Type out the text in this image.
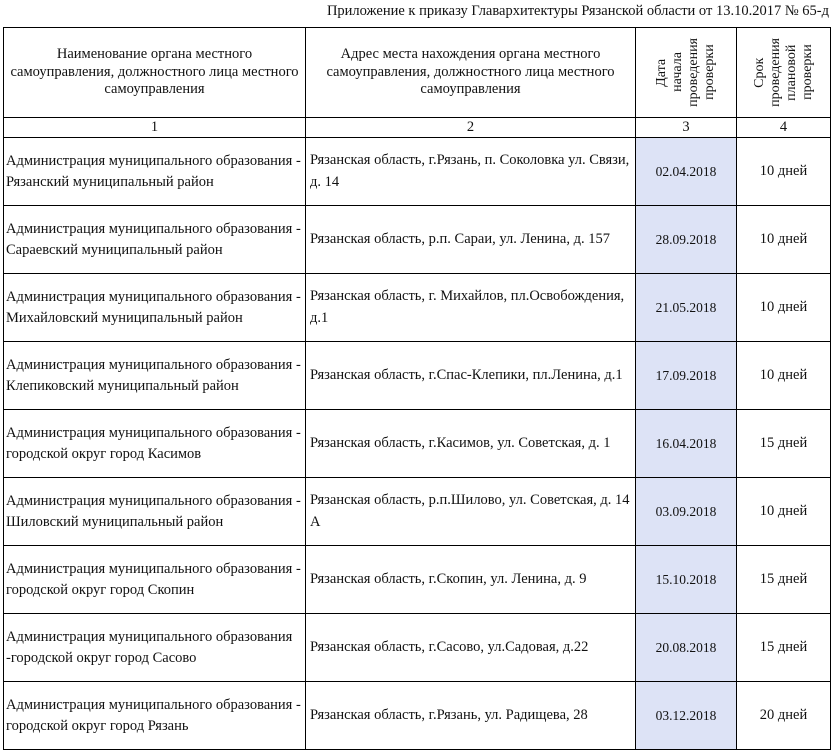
Приложение к приказу Главархитектуры Рязанской области от 13.10.2017 № 65-д
Наименование органа местного самоуправления, должностного лица местного самоуправления	Адрес места нахождения органа местного самоуправления, должностного лица местного самоуправления	Дата
начала
проведения
проверки	Срок
проведения
плановой
проверки

1	2	3	4
Администрация муниципального образования - Рязанский муниципальный район	Рязанская область, г.Рязань, п. Соколовка ул. Связи, д. 14	02.04.2018	10 дней
Администрация муниципального образования - Сараевский муниципальный район	Рязанская область, р.п. Сараи, ул. Ленина, д. 157	28.09.2018	10 дней
Администрация муниципального образования - Михайловский муниципальный район	Рязанская область, г. Михайлов, пл.Освобождения, д.1	21.05.2018	10 дней
Администрация муниципального образования - Клепиковский муниципальный район	Рязанская область, г.Спас-Клепики, пл.Ленина, д.1	17.09.2018	10 дней
Администрация муниципального образования - городской округ город Касимов	Рязанская область, г.Касимов, ул. Советская, д. 1	16.04.2018	15 дней
Администрация муниципального образования - Шиловский муниципальный район	Рязанская область, р.п.Шилово, ул. Советская, д. 14 А	03.09.2018	10 дней
Администрация муниципального образования - городской округ город Скопин	Рязанская область, г.Скопин, ул. Ленина, д. 9	15.10.2018	15 дней
Администрация муниципального образования -городской округ город Сасово	Рязанская область, г.Сасово, ул.Садовая, д.22	20.08.2018	15 дней
Администрация муниципального образования - городской округ город Рязань	Рязанская область, г.Рязань, ул. Радищева, 28	03.12.2018	20 дней
